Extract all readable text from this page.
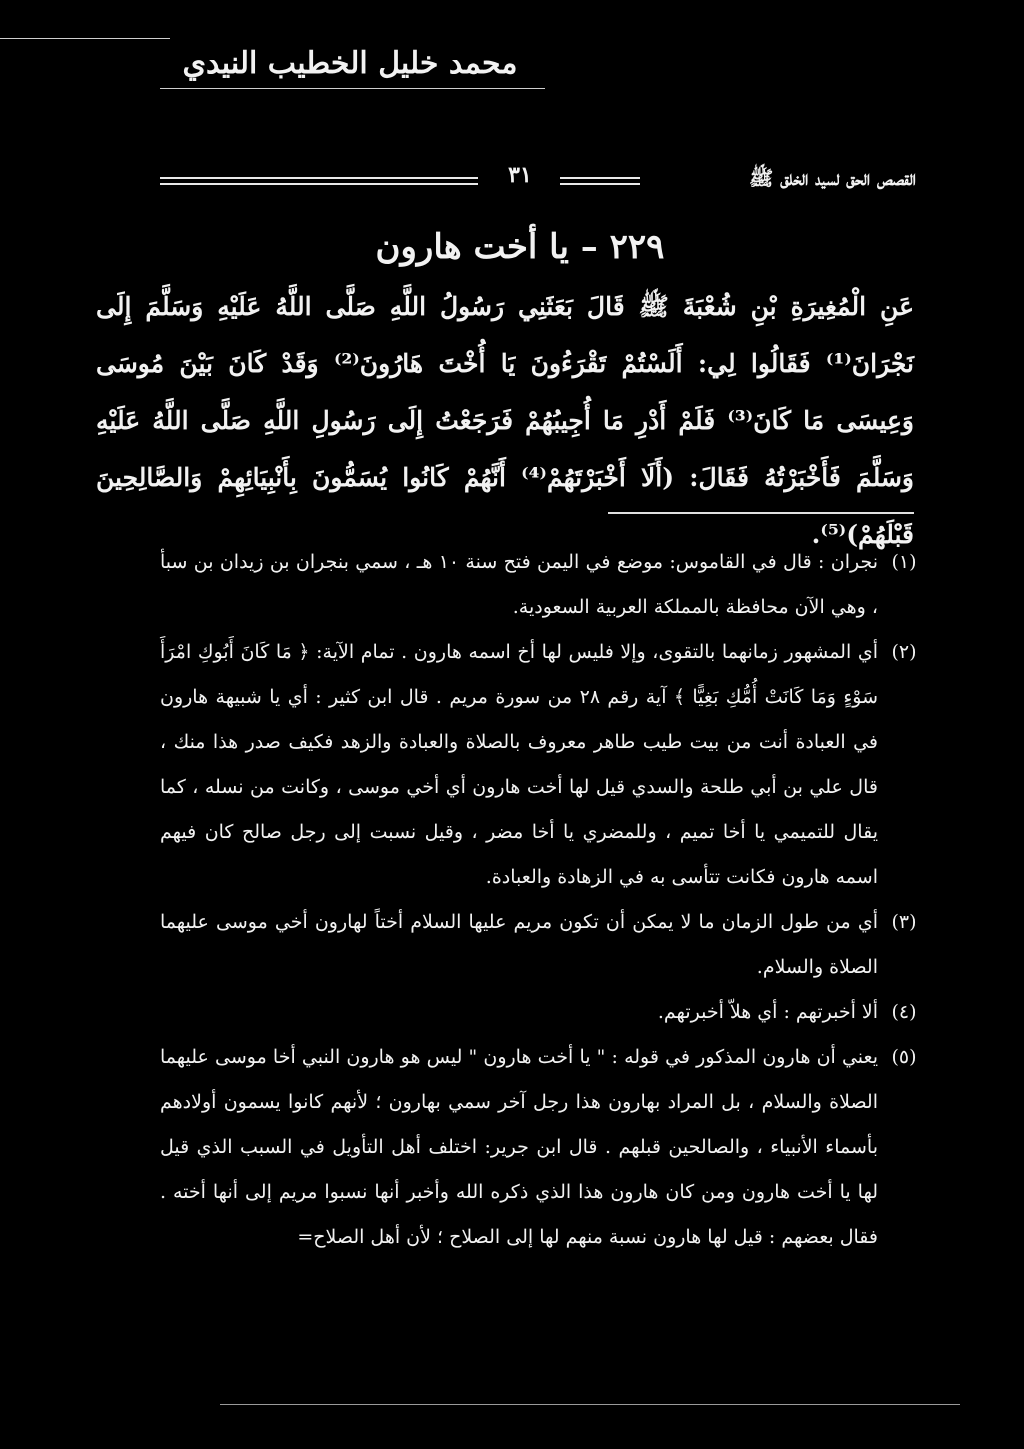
محمد خليل الخطيب النيدي
القصص الحق لسيد الخلق ﷺ
٣١
٢٢٩ – يا أخت هارون
عَنِ الْمُغِيرَةِ بْنِ شُعْبَةَ ﷺ قَالَ بَعَثَنِي رَسُولُ اللَّهِ صَلَّى اللَّهُ عَلَيْهِ وَسَلَّمَ إِلَى نَجْرَانَ⁽¹⁾ فَقَالُوا لِي: أَلَسْتُمْ تَقْرَءُونَ يَا أُخْتَ هَارُونَ⁽²⁾ وَقَدْ كَانَ بَيْنَ مُوسَى وَعِيسَى مَا كَانَ⁽³⁾ فَلَمْ أَدْرِ مَا أُجِيبُهُمْ فَرَجَعْتُ إِلَى رَسُولِ اللَّهِ صَلَّى اللَّهُ عَلَيْهِ وَسَلَّمَ فَأَخْبَرْتُهُ فَقَالَ: (أَلَا أَخْبَرْتَهُمْ⁽⁴⁾ أَنَّهُمْ كَانُوا يُسَمُّونَ بِأَنْبِيَائِهِمْ وَالصَّالِحِينَ قَبْلَهُمْ)⁽⁵⁾.
(١)
نجران : قال في القاموس: موضع في اليمن فتح سنة ١٠ هـ ، سمي بنجران بن زيدان بن سبأ ، وهي الآن محافظة بالمملكة العربية السعودية.
(٢)
أي المشهور زمانهما بالتقوى، وإلا فليس لها أخ اسمه هارون . تمام الآية: ﴿ مَا كَانَ أَبُوكِ امْرَأَ سَوْءٍ وَمَا كَانَتْ أُمُّكِ بَغِيًّا ﴾ آية رقم ٢٨ من سورة مريم . قال ابن كثير : أي يا شبيهة هارون في العبادة أنت من بيت طيب طاهر معروف بالصلاة والعبادة والزهد فكيف صدر هذا منك ، قال علي بن أبي طلحة والسدي قيل لها أخت هارون أي أخي موسى ، وكانت من نسله ، كما يقال للتميمي يا أخا تميم ، وللمضري يا أخا مضر ، وقيل نسبت إلى رجل صالح كان فيهم اسمه هارون فكانت تتأسى به في الزهادة والعبادة.
(٣)
أي من طول الزمان ما لا يمكن أن تكون مريم عليها السلام أختاً لهارون أخي موسى عليهما الصلاة والسلام.
(٤)
ألا أخبرتهم : أي هلاّ أخبرتهم.
(٥)
يعني أن هارون المذكور في قوله : " يا أخت هارون " ليس هو هارون النبي أخا موسى عليهما الصلاة والسلام ، بل المراد بهارون هذا رجل آخر سمي بهارون ؛ لأنهم كانوا يسمون أولادهم بأسماء الأنبياء ، والصالحين قبلهم . قال ابن جرير: اختلف أهل التأويل في السبب الذي قيل لها يا أخت هارون ومن كان هارون هذا الذي ذكره الله وأخبر أنها نسبوا مريم إلى أنها أخته . فقال بعضهم : قيل لها هارون نسبة منهم لها إلى الصلاح ؛ لأن أهل الصلاح=
